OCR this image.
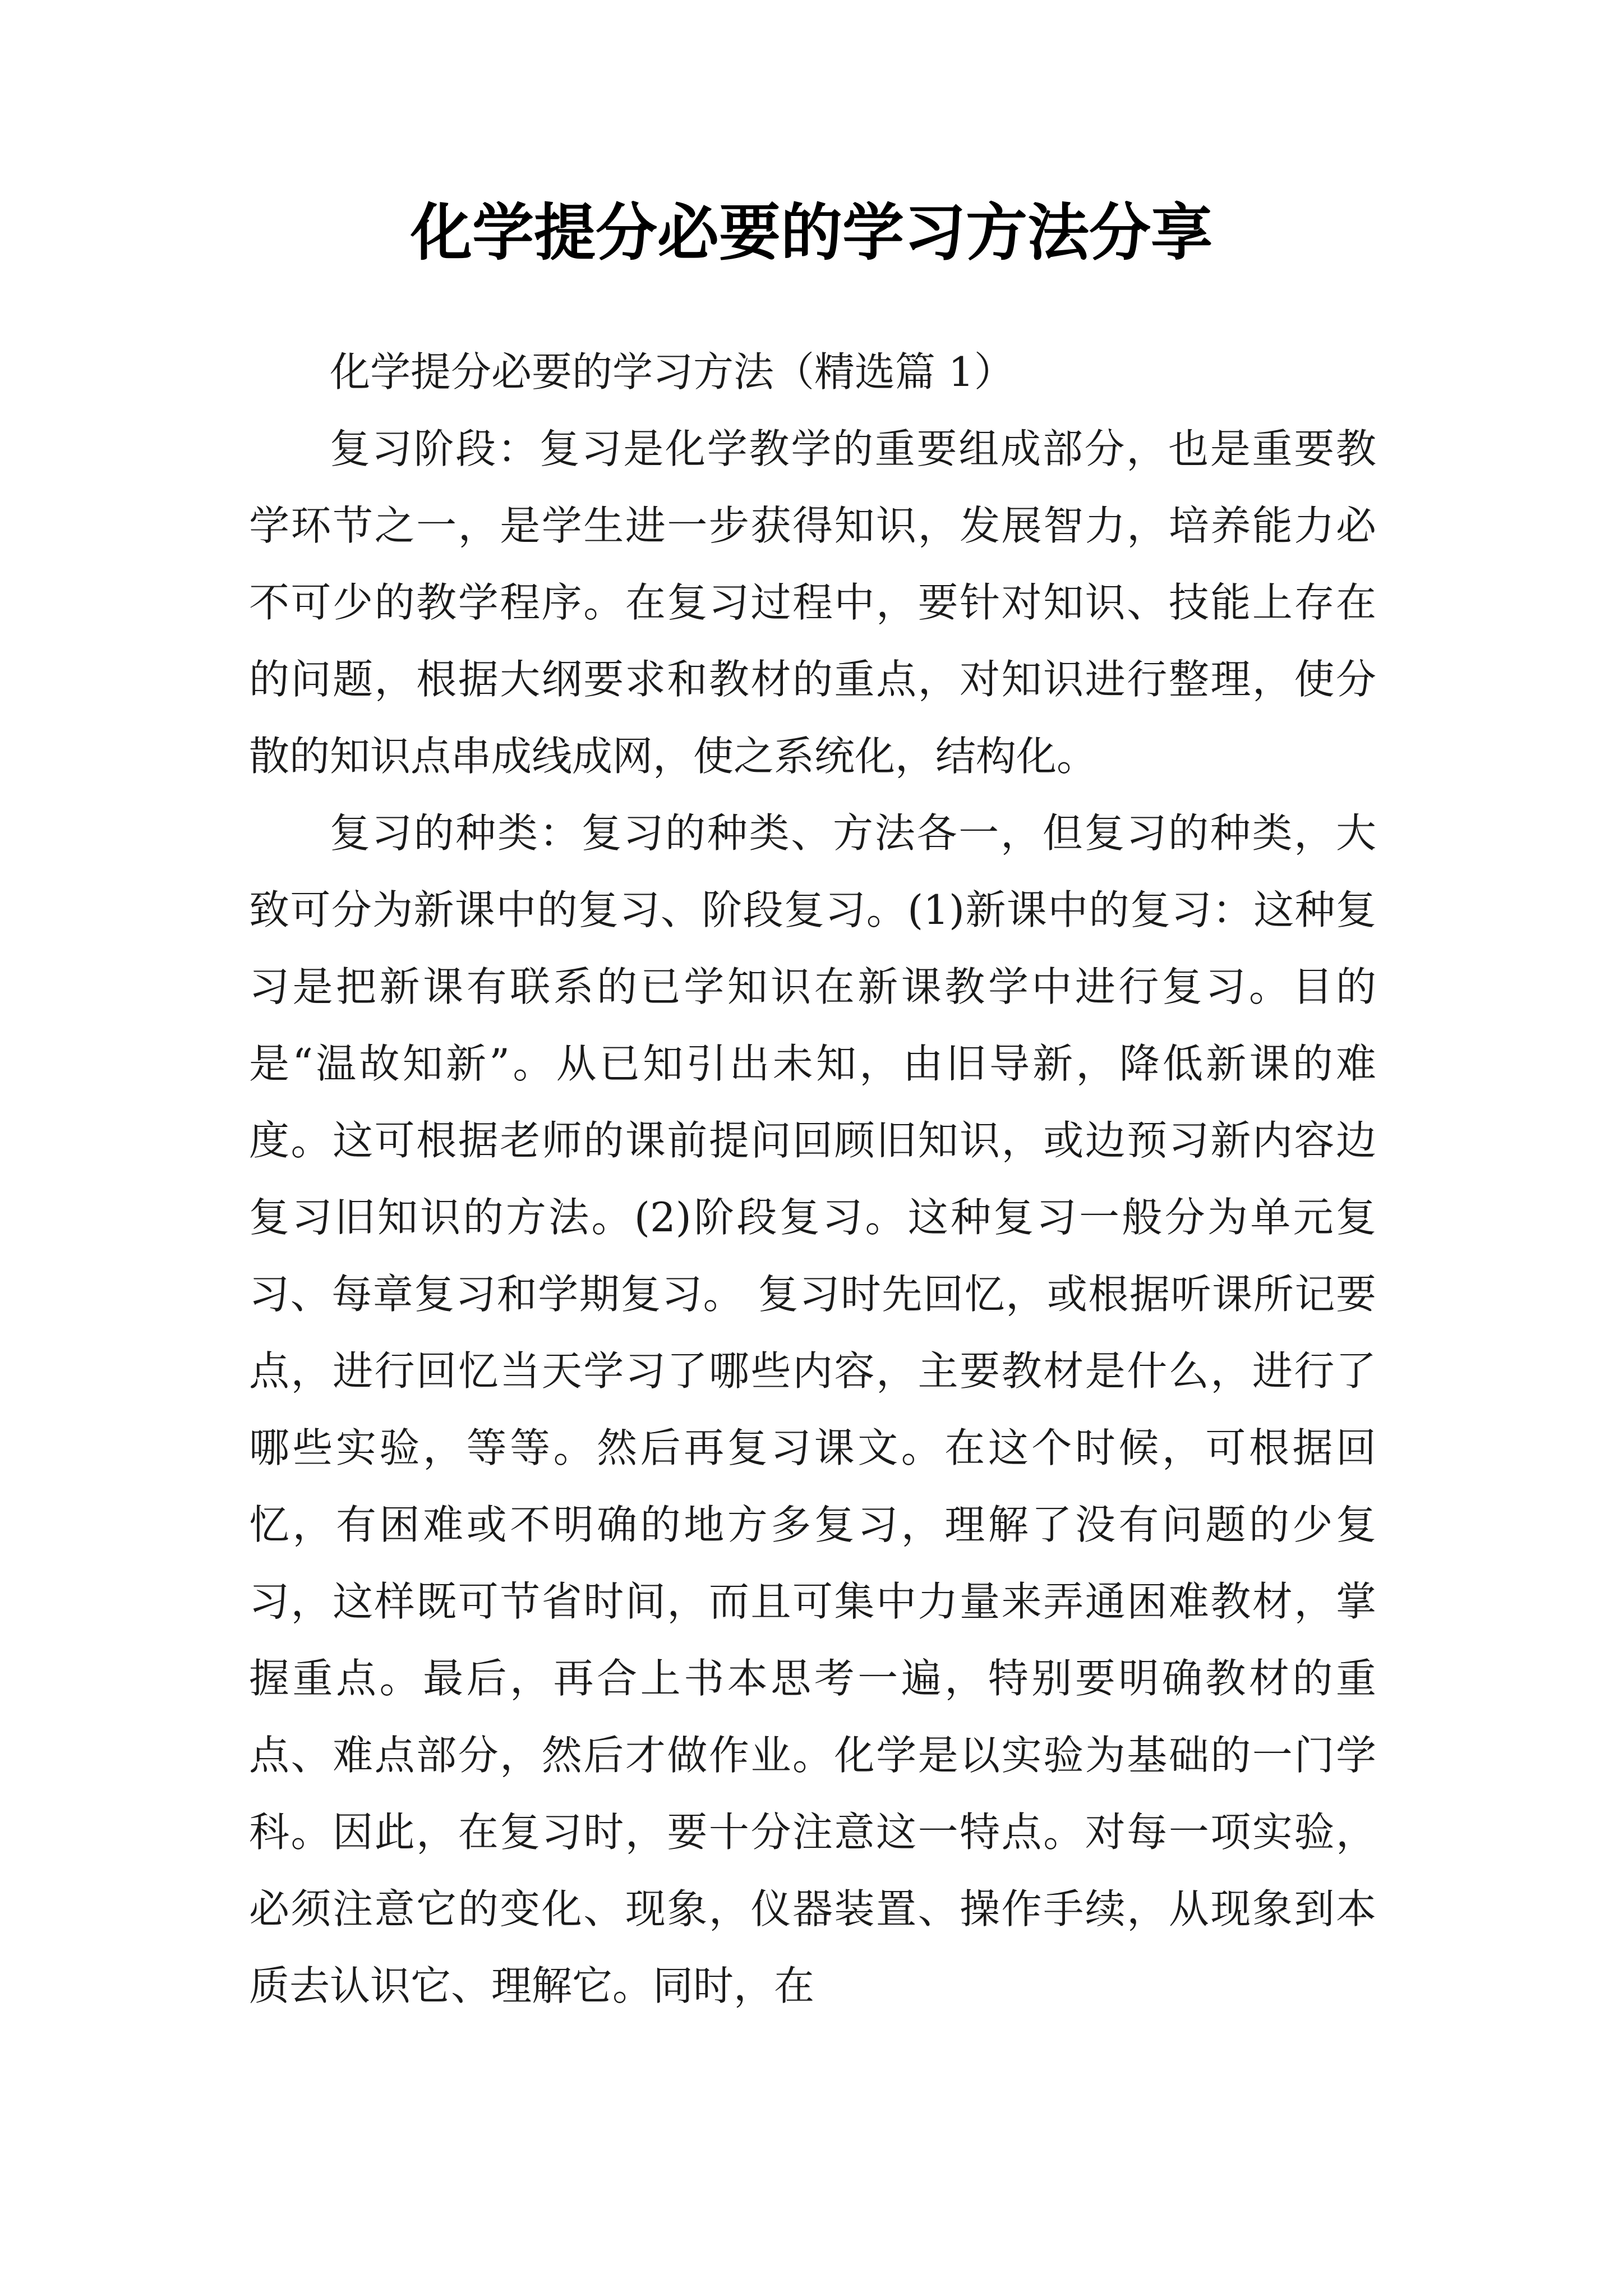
化学提分必要的学习方法分享

化学提分必要的学习方法（精选篇 1）

复习阶段：复习是化学教学的重要组成部分，也是重要教学环节之一，是学生进一步获得知识，发展智力，培养能力必不可少的教学程序。在复习过程中，要针对知识、技能上存在的问题，根据大纲要求和教材的重点，对知识进行整理，使分散的知识点串成线成网，使之系统化，结构化。

复习的种类：复习的种类、方法各一，但复习的种类，大致可分为新课中的复习、阶段复习。(1)新课中的复习：这种复习是把新课有联系的已学知识在新课教学中进行复习。目的是“温故知新”。从已知引出未知，由旧导新，降低新课的难度。这可根据老师的课前提问回顾旧知识，或边预习新内容边复习旧知识的方法。(2)阶段复习。这种复习一般分为单元复习、每章复习和学期复习。 复习时先回忆，或根据听课所记要点，进行回忆当天学习了哪些内容，主要教材是什么，进行了哪些实验，等等。然后再复习课文。在这个时候，可根据回忆，有困难或不明确的地方多复习，理解了没有问题的少复习，这样既可节省时间，而且可集中力量来弄通困难教材，掌握重点。最后，再合上书本思考一遍，特别要明确教材的重点、难点部分，然后才做作业。化学是以实验为基础的一门学科。因此，在复习时，要十分注意这一特点。对每一项实验，必须注意它的变化、现象，仪器装置、操作手续，从现象到本质去认识它、理解它。同时，在
